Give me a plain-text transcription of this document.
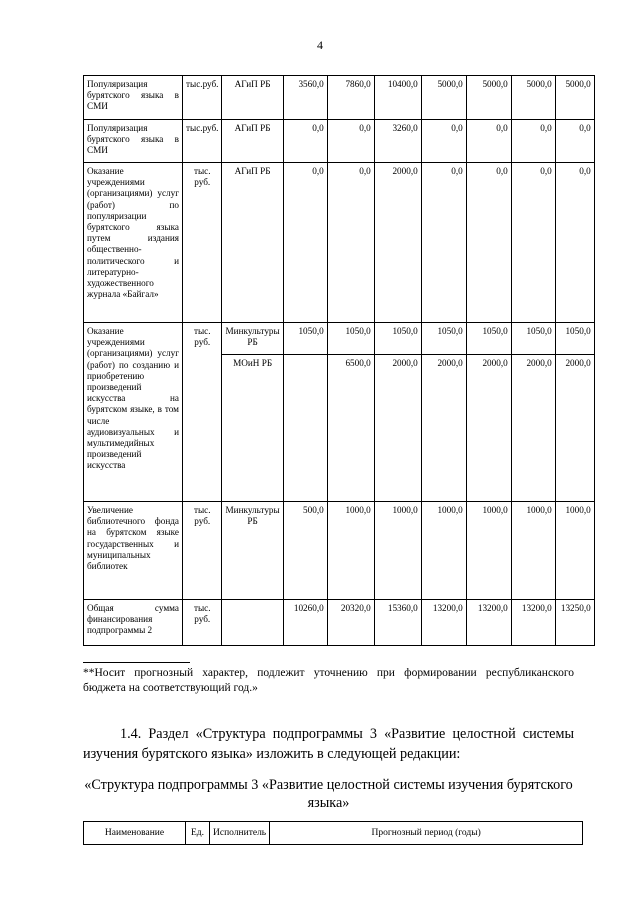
4
Популяризация бурятского языка в СМИ	тыс.руб.	АГиП РБ	3560,0	7860,0	10400,0	5000,0	5000,0	5000,0	5000,0
Популяризация бурятского языка в СМИ	тыс.руб.	АГиП РБ	0,0	0,0	3260,0	0,0	0,0	0,0	0,0
Оказание учреждениями (организациями) услуг (работ) по популяризации бурятского языка путем издания общественно-политического и литературно-художественного журнала «Байгал»	тыс. руб.	АГиП РБ	0,0	0,0	2000,0	0,0	0,0	0,0	0,0
Оказание учреждениями (организациями) услуг (работ) по созданию и приобретению произведений искусства на бурятском языке, в том числе аудиовизуальных и мультимедийных произведений искусства	тыс. руб.	Минкультуры РБ	1050,0	1050,0	1050,0	1050,0	1050,0	1050,0	1050,0
		МОиН РБ		6500,0	2000,0	2000,0	2000,0	2000,0	2000,0
Увеличение библиотечного фонда на бурятском языке государственных и муниципальных библиотек	тыс. руб.	Минкультуры РБ	500,0	1000,0	1000,0	1000,0	1000,0	1000,0	1000,0
Общая сумма финансирования подпрограммы 2	тыс. руб.		10260,0	20320,0	15360,0	13200,0	13200,0	13200,0	13250,0
**Носит прогнозный характер, подлежит уточнению при формировании республиканского бюджета на соответствующий год.»
1.4. Раздел «Структура подпрограммы 3 «Развитие целостной системы изучения бурятского языка» изложить в следующей редакции:
«Структура подпрограммы 3 «Развитие целостной системы изучения бурятского языка»
Наименование	Ед.	Исполнитель	Прогнозный период (годы)
